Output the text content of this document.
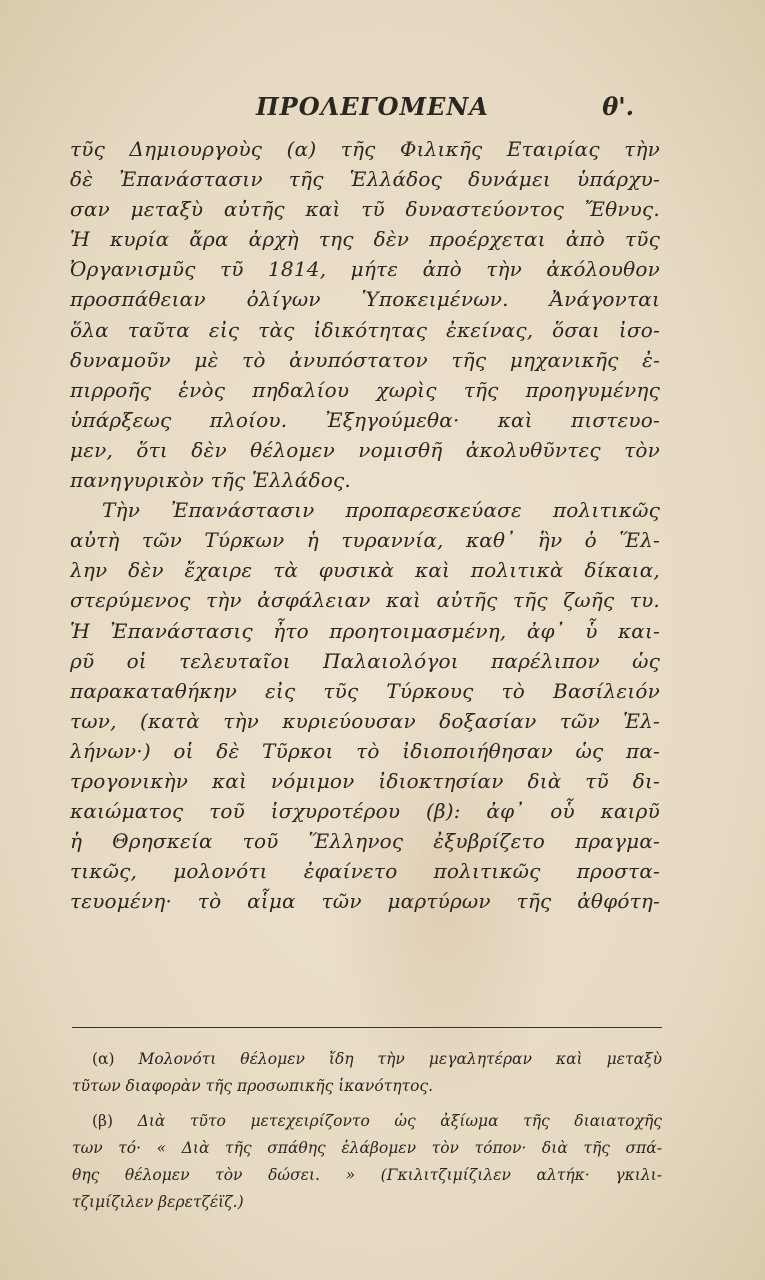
ΠΡΟΛΕΓΟΜΕΝΑ	θ'.
τῦς Δημιουργοὺς (α) τῆς Φιλικῆς Εταιρίας τὴν
δὲ Ἐπανάστασιν τῆς Ἑλλάδος δυνάμει ὑπάρχυ-
σαν μεταξὺ αὐτῆς καὶ τῦ δυναστεύοντος Ἔθνυς.
Ἡ κυρία ἄρα ἀρχὴ της δὲν προέρχεται ἀπὸ τῦς
Ὀργανισμῦς τῦ 1814, μήτε ἀπὸ τὴν ἀκόλουθον
προσπάθειαν ὀλίγων Ὑποκειμένων. Ἀνάγονται
ὅλα ταῦτα εἰς τὰς ἰδικότητας ἐκείνας, ὅσαι ἰσο-
δυναμοῦν μὲ τὸ ἀνυπόστατον τῆς μηχανικῆς ἐ-
πιρροῆς ἑνὸς πηδαλίου χωρὶς τῆς προηγυμένης
ὑπάρξεως πλοίου. Ἐξηγούμεθα· καὶ πιστευο-
μεν, ὅτι δὲν θέλομεν νομισθῆ ἀκολυθῦντες τὸν
πανηγυρικὸν τῆς Ἑλλάδος.
Τὴν Ἐπανάστασιν προπαρεσκεύασε πολιτικῶς
αὐτὴ τῶν Τύρκων ἡ τυραννία, καθ᾽ ἣν ὁ Ἕλ-
λην δὲν ἔχαιρε τὰ φυσικὰ καὶ πολιτικὰ δίκαια,
στερύμενος τὴν ἀσφάλειαν καὶ αὐτῆς τῆς ζωῆς τυ.
Ἡ Ἐπανάστασις ἦτο προητοιμασμένη, ἀφ᾽ ὗ και-
ρῦ οἱ τελευταῖοι Παλαιολόγοι παρέλιπον ὡς
παρακαταθήκην εἰς τῦς Τύρκους τὸ Βασίλειόν
των, (κατὰ τὴν κυριεύουσαν δοξασίαν τῶν Ἑλ-
λήνων·) οἱ δὲ Τῦρκοι τὸ ἰδιοποιήθησαν ὡς πα-
τρογονικὴν καὶ νόμιμον ἰδιοκτησίαν διὰ τῦ δι-
καιώματος τοῦ ἰσχυροτέρου (β): ἀφ᾽ οὗ καιρῦ
ἡ Θρησκεία τοῦ Ἕλληνος ἐξυβρίζετο πραγμα-
τικῶς, μολονότι ἐφαίνετο πολιτικῶς προστα-
τευομένη· τὸ αἷμα τῶν μαρτύρων τῆς ἀθφότη-
(α) Μολονότι θέλομεν ἴδη τὴν μεγαλητέραν καὶ μεταξὺ
τῦτων διαφορὰν τῆς προσωπικῆς ἱκανότητος.
(β) Διὰ τῦτο μετεχειρίζοντο ὡς ἀξίωμα τῆς διαιατοχῆς
των τό· « Διὰ τῆς σπάθης ἐλάβομεν τὸν τόπον· διὰ τῆς σπά-
θης θέλομεν τὸν δώσει. » (Γκιλιτζιμίζιλεν αλτήκ· γκιλι-
τζιμίζιλεν βερετζέϊζ.)
